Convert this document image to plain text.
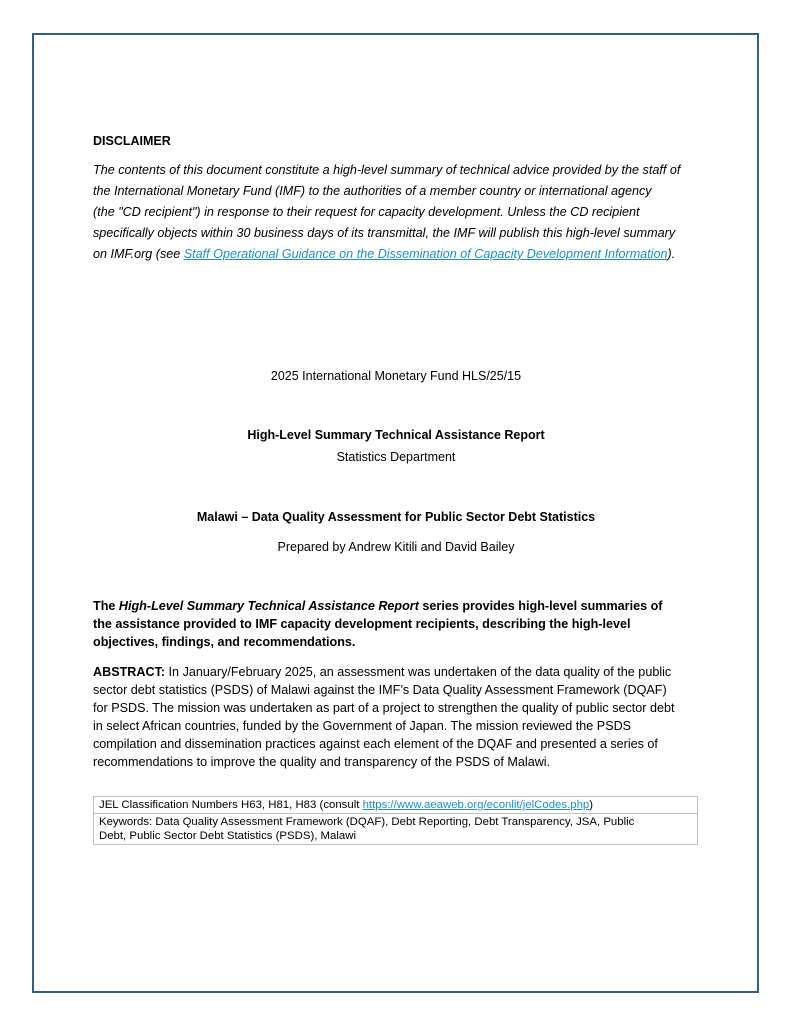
DISCLAIMER
The contents of this document constitute a high-level summary of technical advice provided by the staff of
the International Monetary Fund (IMF) to the authorities of a member country or international agency
(the "CD recipient") in response to their request for capacity development. Unless the CD recipient
specifically objects within 30 business days of its transmittal, the IMF will publish this high-level summary
on IMF.org (see Staff Operational Guidance on the Dissemination of Capacity Development Information).
2025 International Monetary Fund HLS/25/15
High-Level Summary Technical Assistance Report
Statistics Department
Malawi – Data Quality Assessment for Public Sector Debt Statistics
Prepared by Andrew Kitili and David Bailey
The High-Level Summary Technical Assistance Report series provides high-level summaries of
the assistance provided to IMF capacity development recipients, describing the high-level
objectives, findings, and recommendations.
ABSTRACT: In January/February 2025, an assessment was undertaken of the data quality of the public
sector debt statistics (PSDS) of Malawi against the IMF’s Data Quality Assessment Framework (DQAF)
for PSDS. The mission was undertaken as part of a project to strengthen the quality of public sector debt
in select African countries, funded by the Government of Japan. The mission reviewed the PSDS
compilation and dissemination practices against each element of the DQAF and presented a series of
recommendations to improve the quality and transparency of the PSDS of Malawi.
JEL Classification Numbers H63, H81, H83 (consult https://www.aeaweb.org/econlit/jelCodes.php)

Keywords: Data Quality Assessment Framework (DQAF), Debt Reporting, Debt Transparency, JSA, Public
Debt, Public Sector Debt Statistics (PSDS), Malawi
